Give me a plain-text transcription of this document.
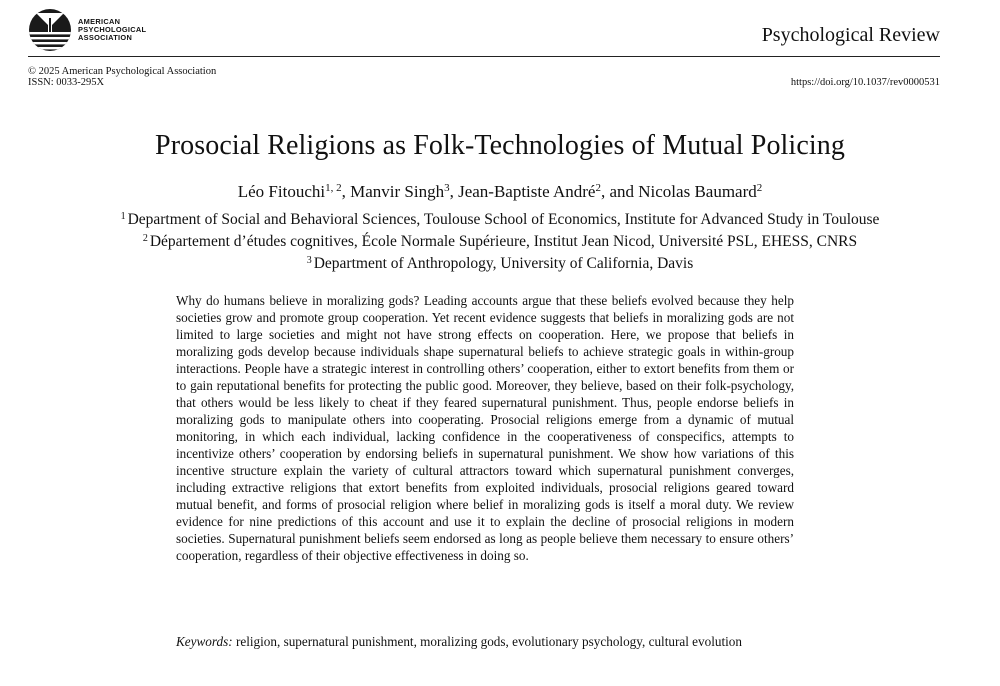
AMERICAN
PSYCHOLOGICAL
ASSOCIATION	Psychological Review
© 2025 American Psychological Association
ISSN: 0033-295X	https://doi.org/10.1037/rev0000531
Prosocial Religions as Folk-Technologies of Mutual Policing
Léo Fitouchi$^{1, 2}$, Manvir Singh$^3$, Jean-Baptiste André$^2$, and Nicolas Baumard$^2$
$^1$ Department of Social and Behavioral Sciences, Toulouse School of Economics, Institute for Advanced Study in Toulouse
$^2$ Département d’études cognitives, École Normale Supérieure, Institut Jean Nicod, Université PSL, EHESS, CNRS
$^3$ Department of Anthropology, University of California, Davis

Why do humans believe in moralizing gods? Leading accounts argue that these beliefs evolved because they help societies grow and promote group cooperation. Yet recent evidence suggests that beliefs in moralizing gods are not limited to large societies and might not have strong effects on cooperation. Here, we propose that beliefs in moralizing gods develop because individuals shape supernatural beliefs to achieve strategic goals in within-group interactions. People have a strategic interest in controlling others’ cooperation, either to extort benefits from them or to gain reputational benefits for protecting the public good. Moreover, they believe, based on their folk-psychology, that others would be less likely to cheat if they feared supernatural punishment. Thus, people endorse beliefs in moralizing gods to manipulate others into cooperating. Prosocial religions emerge from a dynamic of mutual monitoring, in which each individual, lacking confidence in the cooperativeness of conspecifics, attempts to incentivize others’ cooperation by endorsing beliefs in supernatural punishment. We show how variations of this incentive structure explain the variety of cultural attractors toward which supernatural punishment converges, including extractive religions that extort benefits from exploited individuals, prosocial religions geared toward mutual benefit, and forms of prosocial religion where belief in moralizing gods is itself a moral duty. We review evidence for nine predictions of this account and use it to explain the decline of prosocial religions in modern societies. Supernatural punishment beliefs seem endorsed as long as people believe them necessary to ensure others’ cooperation, regardless of their objective effectiveness in doing so.

Keywords: religion, supernatural punishment, moralizing gods, evolutionary psychology, cultural evolution
